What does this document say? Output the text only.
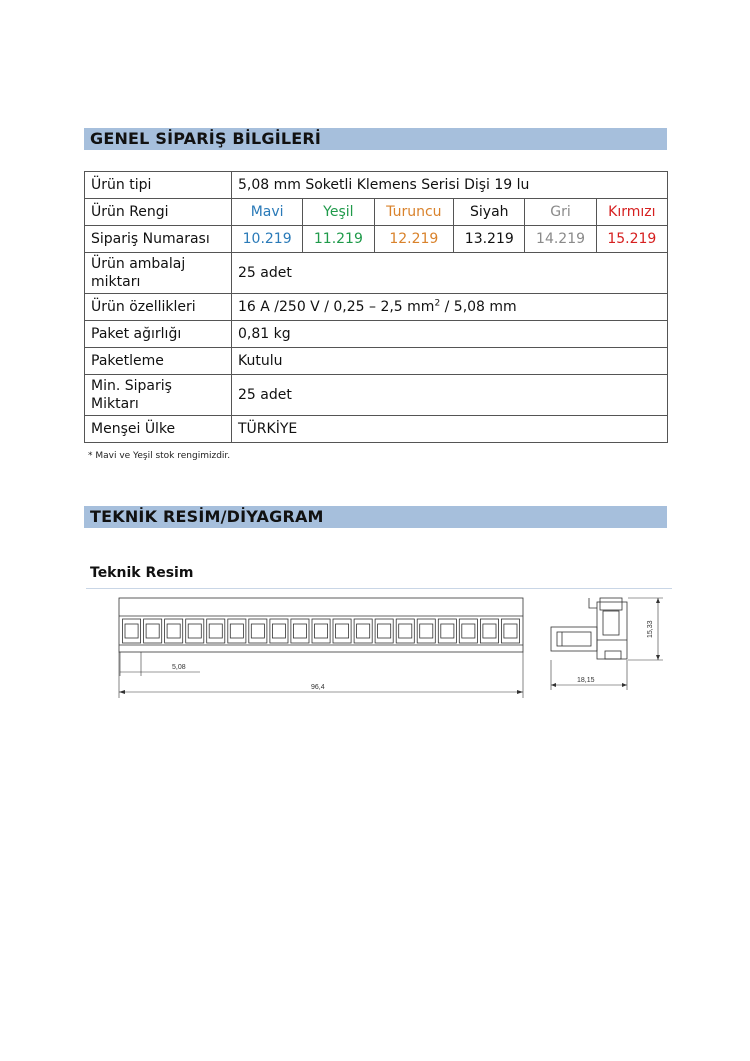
GENEL SİPARİŞ BİLGİLERİ
Ürün tipi	5,08 mm Soketli Klemens Serisi Dişi 19 lu					
Ürün Rengi	Mavi	Yeşil	Turuncu	Siyah	Gri	Kırmızı
Sipariş Numarası	10.219	11.219	12.219	13.219	14.219	15.219
Ürün ambalaj
miktarı	25 adet					
Ürün özellikleri	16 A /250 V / 0,25 – 2,5 $mm^2 / 5,08$ mm					
Paket ağırlığı	0,81 kg					
Paketleme	Kutulu					
Min. Sipariş
Miktarı	25 adet					
Menşei Ülke	TÜRKİYE					
* Mavi ve Yeşil stok rengimizdir.
TEKNİK RESİM/DİYAGRAM
Teknik Resim
5,08
96,4
18,15
15,33
